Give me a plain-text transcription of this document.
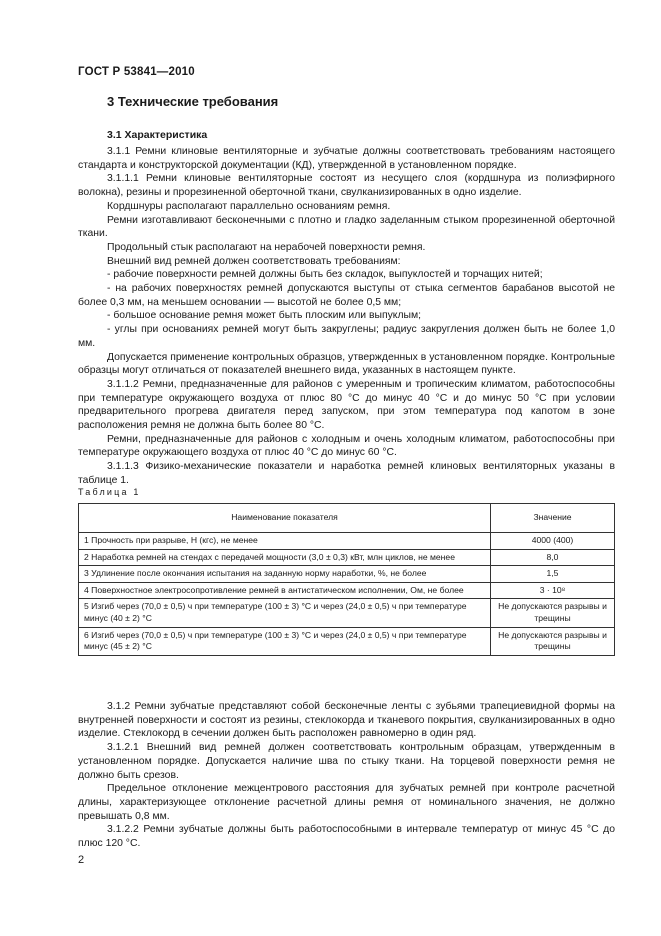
ГОСТ Р 53841—2010
3 Технические требования
3.1 Характеристика

3.1.1 Ремни клиновые вентиляторные и зубчатые должны соответствовать требованиям настоящего стандарта и конструкторской документации (КД), утвержденной в установленном порядке.

3.1.1.1 Ремни клиновые вентиляторные состоят из несущего слоя (кордшнура из полиэфирного волокна), резины и прорезиненной оберточной ткани, свулканизированных в одно изделие.

Кордшнуры располагают параллельно основаниям ремня.

Ремни изготавливают бесконечными с плотно и гладко заделанным стыком прорезиненной оберточной ткани.

Продольный стык располагают на нерабочей поверхности ремня.

Внешний вид ремней должен соответствовать требованиям:

- рабочие поверхности ремней должны быть без складок, выпуклостей и торчащих нитей;

- на рабочих поверхностях ремней допускаются выступы от стыка сегментов барабанов высотой не более 0,3 мм, на меньшем основании — высотой не более 0,5 мм;

- большое основание ремня может быть плоским или выпуклым;

- углы при основаниях ремней могут быть закруглены; радиус закругления должен быть не более 1,0 мм.

Допускается применение контрольных образцов, утвержденных в установленном порядке. Контрольные образцы могут отличаться от показателей внешнего вида, указанных в настоящем пункте.

3.1.1.2 Ремни, предназначенные для районов с умеренным и тропическим климатом, работоспособны при температуре окружающего воздуха от плюс 80 °С до минус 40 °С и до минус 50 °С при условии предварительного прогрева двигателя перед запуском, при этом температура под капотом в зоне расположения ремня не должна быть более 80 °С.

Ремни, предназначенные для районов с холодным и очень холодным климатом, работоспособны при температуре окружающего воздуха от плюс 40 °С до минус 60 °С.

3.1.1.3 Физико-механические показатели и наработка ремней клиновых вентиляторных указаны в таблице 1.

Таблица 1
Наименование показателя	Значение
1 Прочность при разрыве, Н (кгс), не менее	4000 (400)
2 Наработка ремней на стендах с передачей мощности (3,0 ± 0,3) кВт, млн циклов, не менее	8,0
3 Удлинение после окончания испытания на заданную норму наработки, %, не более	1,5
4 Поверхностное электросопротивление ремней в антистатическом исполнении, Ом, не более	3 · 10⁸
5 Изгиб через (70,0 ± 0,5) ч при температуре (100 ± 3) °С и через (24,0 ± 0,5) ч при температуре минус (40 ± 2) °С	Не допускаются разрывы и трещины
6 Изгиб через (70,0 ± 0,5) ч при температуре (100 ± 3) °С и через (24,0 ± 0,5) ч при температуре минус (45 ± 2) °С	Не допускаются разрывы и трещины

3.1.2 Ремни зубчатые представляют собой бесконечные ленты с зубьями трапециевидной формы на внутренней поверхности и состоят из резины, стеклокорда и тканевого покрытия, свулканизированных в одно изделие. Стеклокорд в сечении должен быть расположен равномерно в один ряд.

3.1.2.1 Внешний вид ремней должен соответствовать контрольным образцам, утвержденным в установленном порядке. Допускается наличие шва по стыку ткани. На торцевой поверхности ремня не должно быть срезов.

Предельное отклонение межцентрового расстояния для зубчатых ремней при контроле расчетной длины, характеризующее отклонение расчетной длины ремня от номинального значения, не должно превышать 0,8 мм.

3.1.2.2 Ремни зубчатые должны быть работоспособными в интервале температур от минус 45 °С до плюс 120 °С.

2
